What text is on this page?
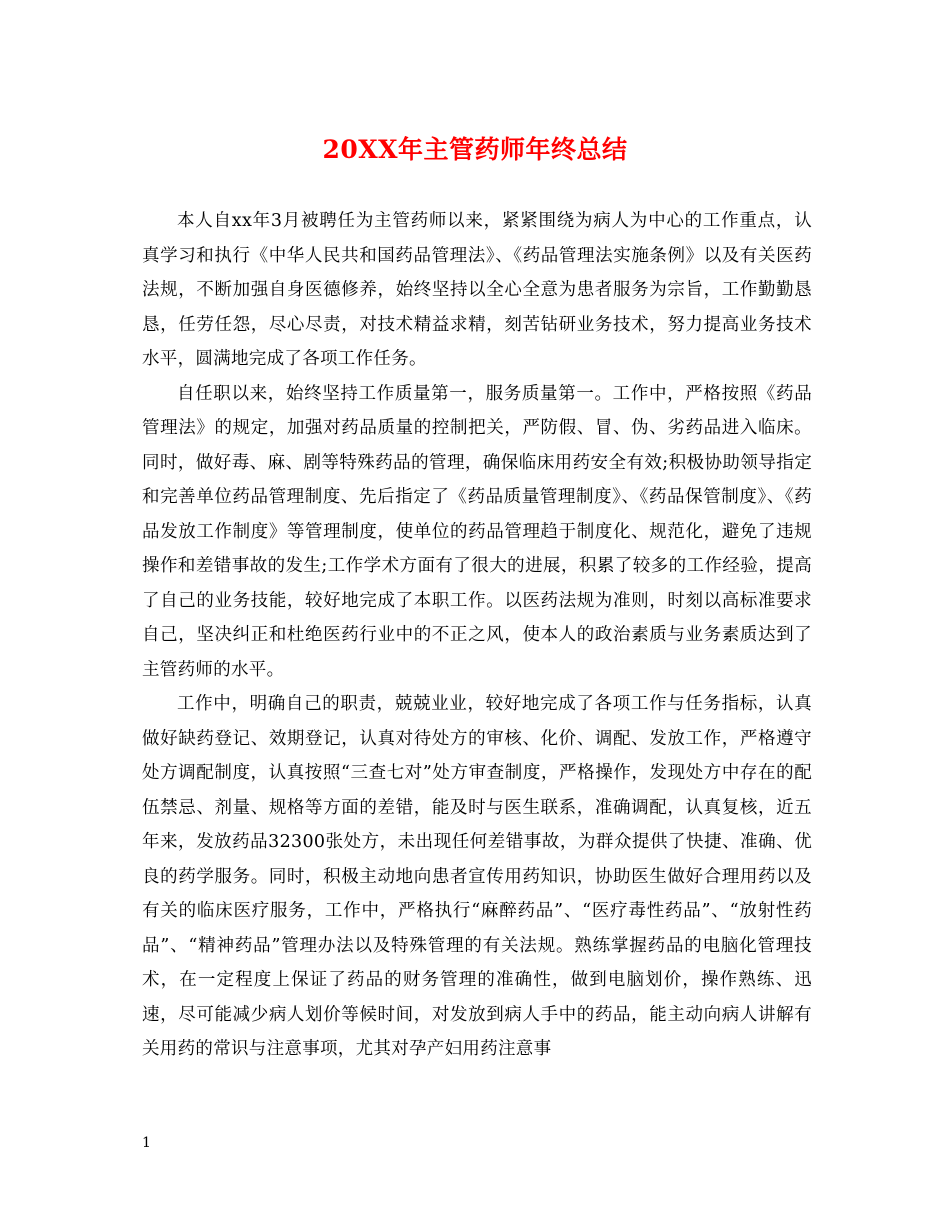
20XX年主管药师年终总结

本人自xx年3月被聘任为主管药师以来，紧紧围绕为病人为中心的工作重点，认真学习和执行《中华人民共和国药品管理法》、《药品管理法实施条例》以及有关医药法规，不断加强自身医德修养，始终坚持以全心全意为患者服务为宗旨，工作勤勤恳恳，任劳任怨，尽心尽责，对技术精益求精，刻苦钻研业务技术，努力提高业务技术水平，圆满地完成了各项工作任务。

自任职以来，始终坚持工作质量第一，服务质量第一。工作中，严格按照《药品管理法》的规定，加强对药品质量的控制把关，严防假、冒、伪、劣药品进入临床。同时，做好毒、麻、剧等特殊药品的管理，确保临床用药安全有效;积极协助领导指定和完善单位药品管理制度、先后指定了《药品质量管理制度》、《药品保管制度》、《药品发放工作制度》等管理制度，使单位的药品管理趋于制度化、规范化，避免了违规操作和差错事故的发生;工作学术方面有了很大的进展，积累了较多的工作经验，提高了自己的业务技能，较好地完成了本职工作。以医药法规为准则，时刻以高标准要求自己，坚决纠正和杜绝医药行业中的不正之风，使本人的政治素质与业务素质达到了主管药师的水平。

工作中，明确自己的职责，兢兢业业，较好地完成了各项工作与任务指标，认真做好缺药登记、效期登记，认真对待处方的审核、化价、调配、发放工作，严格遵守处方调配制度，认真按照“三查七对”处方审查制度，严格操作，发现处方中存在的配伍禁忌、剂量、规格等方面的差错，能及时与医生联系，准确调配，认真复核，近五年来，发放药品32300张处方，未出现任何差错事故，为群众提供了快捷、准确、优良的药学服务。同时，积极主动地向患者宣传用药知识，协助医生做好合理用药以及有关的临床医疗服务，工作中，严格执行“麻醉药品”、“医疗毒性药品”、“放射性药品”、“精神药品”管理办法以及特殊管理的有关法规。熟练掌握药品的电脑化管理技术，在一定程度上保证了药品的财务管理的准确性，做到电脑划价，操作熟练、迅速，尽可能减少病人划价等候时间，对发放到病人手中的药品，能主动向病人讲解有关用药的常识与注意事项，尤其对孕产妇用药注意事

1
